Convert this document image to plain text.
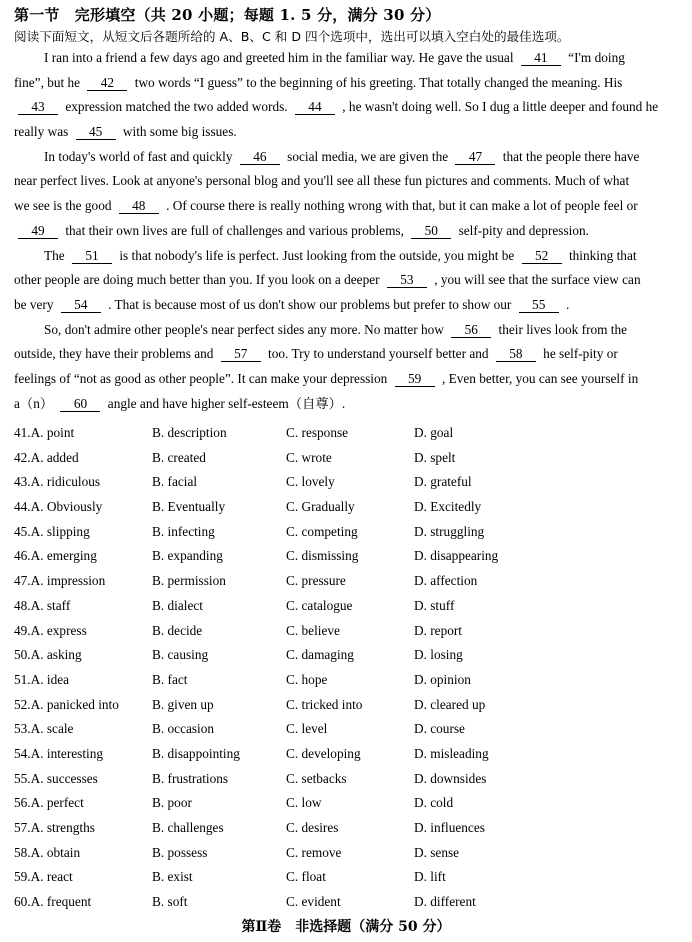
第一节　完形填空（共 20 小题；每题 1. 5 分，满分 30 分）
阅读下面短文，从短文后各题所给的 A、B、C 和 D 四个选项中，选出可以填入空白处的最佳选项。
I ran into a friend a few days ago and greeted him in the familiar way. He gave the usual 41 “I'm doing
fine”, but he 42 two words “I guess” to the beginning of his greeting. That totally changed the meaning. His
43 expression matched the two added words. 44 , he wasn't doing well. So I dug a little deeper and found he
really was 45 with some big issues.
In today's world of fast and quickly 46 social media, we are given the 47 that the people there have
near perfect lives. Look at anyone's personal blog and you'll see all these fun pictures and comments. Much of what
we see is the good 48 . Of course there is really nothing wrong with that, but it can make a lot of people feel or
49 that their own lives are full of challenges and various problems, 50 self-pity and depression.
The 51 is that nobody's life is perfect. Just looking from the outside, you might be 52 thinking that
other people are doing much better than you. If you look on a deeper 53 , you will see that the surface view can
be very 54 . That is because most of us don't show our problems but prefer to show our 55 .
So, don't admire other people's near perfect sides any more. No matter how 56 their lives look from the
outside, they have their problems and 57 too. Try to understand yourself better and 58 he self-pity or
feelings of “not as good as other people”. It can make your depression 59 , Even better, you can see yourself in
a（n） 60 angle and have higher self-esteem（自尊）.
41.A. point	B. description	C. response	D. goal
42.A. added	B. created	C. wrote	D. spelt
43.A. ridiculous	B. facial	C. lovely	D. grateful
44.A. Obviously	B. Eventually	C. Gradually	D. Excitedly
45.A. slipping	B. infecting	C. competing	D. struggling
46.A. emerging	B. expanding	C. dismissing	D. disappearing
47.A. impression	B. permission	C. pressure	D. affection
48.A. staff	B. dialect	C. catalogue	D. stuff
49.A. express	B. decide	C. believe	D. report
50.A. asking	B. causing	C. damaging	D. losing
51.A. idea	B. fact	C. hope	D. opinion
52.A. panicked into B. given up	C. tricked into	D. cleared up
53.A. scale	B. occasion	C. level	D. course
54.A. interesting	B. disappointing	C. developing	D. misleading
55.A. successes	B. frustrations	C. setbacks	D. downsides
56.A. perfect	B. poor	C. low	D. cold
57.A. strengths	B. challenges	C. desires	D. influences
58.A. obtain	B. possess	C. remove	D. sense
59.A. react	B. exist	C. float	D. lift
60.A. frequent	B. soft	C. evident	D. different
第Ⅱ卷　非选择题（满分 50 分）
